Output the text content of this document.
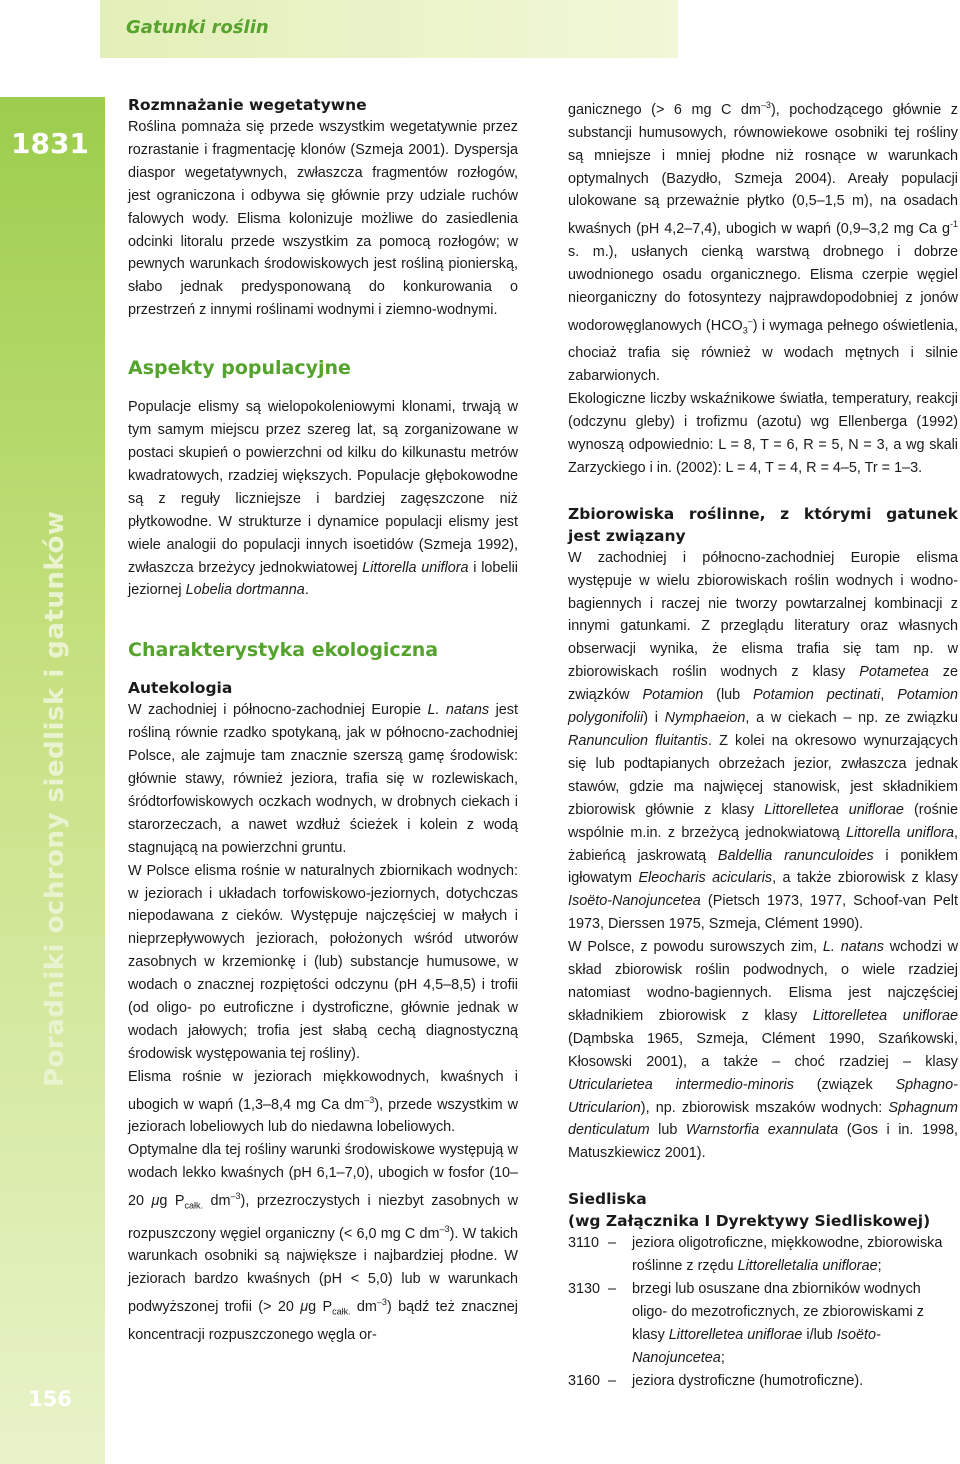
Gatunki roślin
1831
Poradniki ochrony siedlisk i gatunków
156
Rozmnażanie wegetatywne

Roślina pomnaża się przede wszystkim wegetatywnie przez rozrastanie i fragmentację klonów (Szmeja 2001). Dyspersja diaspor wegetatywnych, zwłaszcza fragmentów rozłogów, jest ograniczona i odbywa się głównie przy udziale ruchów falowych wody. Elisma kolonizuje możliwe do zasiedlenia odcinki litoralu przede wszystkim za pomocą rozłogów; w pewnych warunkach środowiskowych jest rośliną pionierską, słabo jednak predysponowaną do konkurowania o przestrzeń z innymi roślinami wodnymi i ziemno-wodnymi.

Aspekty populacyjne

Populacje elismy są wielopokoleniowymi klonami, trwają w tym samym miejscu przez szereg lat, są zorganizowane w postaci skupień o powierzchni od kilku do kilkunastu metrów kwadratowych, rzadziej większych. Populacje głębokowodne są z reguły liczniejsze i bardziej zagęszczone niż płytkowodne. W strukturze i dynamice populacji elismy jest wiele analogii do populacji innych isoetidów (Szmeja 1992), zwłaszcza brzeżycy jednokwiatowej Littorella uniflora i lobelii jeziornej Lobelia dortmanna.

Charakterystyka ekologiczna
Autekologia

W zachodniej i północno-zachodniej Europie L. natans jest rośliną równie rzadko spotykaną, jak w północno-zachodniej Polsce, ale zajmuje tam znacznie szerszą gamę środowisk: głównie stawy, również jeziora, trafia się w rozlewiskach, śródtorfowiskowych oczkach wodnych, w drobnych ciekach i starorzeczach, a nawet wzdłuż ścieżek i kolein z wodą stagnującą na powierzchni gruntu.

W Polsce elisma rośnie w naturalnych zbiornikach wodnych: w jeziorach i układach torfowiskowo-jeziornych, dotychczas niepodawana z cieków. Występuje najczęściej w małych i nieprzepływowych jeziorach, położonych wśród utworów zasobnych w krzemionkę i (lub) substancje humusowe, w wodach o znacznej rozpiętości odczynu (pH 4,5–8,5) i trofii (od oligo- po eutroficzne i dystroficzne, głównie jednak w wodach jałowych; trofia jest słabą cechą diagnostyczną środowisk występowania tej rośliny).

Elisma rośnie w jeziorach miękkowodnych, kwaśnych i ubogich w wapń (1,3–8,4 mg Ca $dm^{-3}$), przede wszystkim w jeziorach lobeliowych lub do niedawna lobeliowych.

Optymalne dla tej rośliny warunki środowiskowe występują w wodach lekko kwaśnych (pH 6,1–7,0), ubogich w fosfor (10–20 μg $P_{całk.}$ $dm^{-3}$), przezroczystych i niezbyt zasobnych w rozpuszczony węgiel organiczny (< 6,0 mg C $dm^{-3}$). W takich warunkach osobniki są największe i najbardziej płodne. W jeziorach bardzo kwaśnych (pH < 5,0) lub w warunkach podwyższonej trofii (> 20 μg $P_{całk.}$ $dm^{-3}$) bądź też znacznej koncentracji rozpuszczonego węgla or-

ganicznego (> 6 mg C $dm^{-3}$), pochodzącego głównie z substancji humusowych, równowiekowe osobniki tej rośliny są mniejsze i mniej płodne niż rosnące w warunkach optymalnych (Bazydło, Szmeja 2004). Areały populacji ulokowane są przeważnie płytko (0,5–1,5 m), na osadach kwaśnych (pH 4,2–7,4), ubogich w wapń (0,9–3,2 mg Ca $g^{-1}$ s. m.), usłanych cienką warstwą drobnego i dobrze uwodnionego osadu organicznego. Elisma czerpie węgiel nieorganiczny do fotosyntezy najprawdopodobniej z jonów wodorowęglanowych $(HCO_3^-)$ i wymaga pełnego oświetlenia, chociaż trafia się również w wodach mętnych i silnie zabarwionych.

Ekologiczne liczby wskaźnikowe światła, temperatury, reakcji (odczynu gleby) i trofizmu (azotu) wg Ellenberga (1992) wynoszą odpowiednio: L = 8, T = 6, R = 5, N = 3, a wg skali Zarzyckiego i in. (2002): L = 4, T = 4, R = 4–5, Tr = 1–3.

Zbiorowiska roślinne, z którymi gatunek jest związany

W zachodniej i północno-zachodniej Europie elisma występuje w wielu zbiorowiskach roślin wodnych i wodno-bagiennych i raczej nie tworzy powtarzalnej kombinacji z innymi gatunkami. Z przeglądu literatury oraz własnych obserwacji wynika, że elisma trafia się tam np. w zbiorowiskach roślin wodnych z klasy Potametea ze związków Potamion (lub Potamion pectinati, Potamion polygonifolii) i Nymphaeion, a w ciekach – np. ze związku Ranunculion fluitantis. Z kolei na okresowo wynurzających się lub podtapianych obrzeżach jezior, zwłaszcza jednak stawów, gdzie ma najwięcej stanowisk, jest składnikiem zbiorowisk głównie z klasy Littorelletea uniflorae (rośnie wspólnie m.in. z brzeżycą jednokwiatową Littorella uniflora, żabieńcą jaskrowatą Baldellia ranunculoides i ponikłem igłowatym Eleocharis acicularis, a także zbiorowisk z klasy Isoëto-Nanojuncetea (Pietsch 1973, 1977, Schoof-van Pelt 1973, Dierssen 1975, Szmeja, Clément 1990).

W Polsce, z powodu surowszych zim, L. natans wchodzi w skład zbiorowisk roślin podwodnych, o wiele rzadziej natomiast wodno-bagiennych. Elisma jest najczęściej składnikiem zbiorowisk z klasy Littorelletea uniflorae (Dąmbska 1965, Szmeja, Clément 1990, Szańkowski, Kłosowski 2001), a także – choć rzadziej – klasy Utricularietea intermedio-minoris (związek Sphagno-Utricularion), np. zbiorowisk mszaków wodnych: Sphagnum denticulatum lub Warnstorfia exannulata (Gos i in. 1998, Matuszkiewicz 2001).

Siedliska
(wg Załącznika I Dyrektywy Siedliskowej)
3110 –	jeziora oligotroficzne, miękkowodne, zbiorowiska roślinne z rzędu Littorelletalia uniflorae;
3130 –	brzegi lub osuszane dna zbiorników wodnych oligo- do mezotroficznych, ze zbiorowiskami z klasy Littorelletea uniflorae i/lub Isoëto-Nanojuncetea;
3160 –	jeziora dystroficzne (humotroficzne).
